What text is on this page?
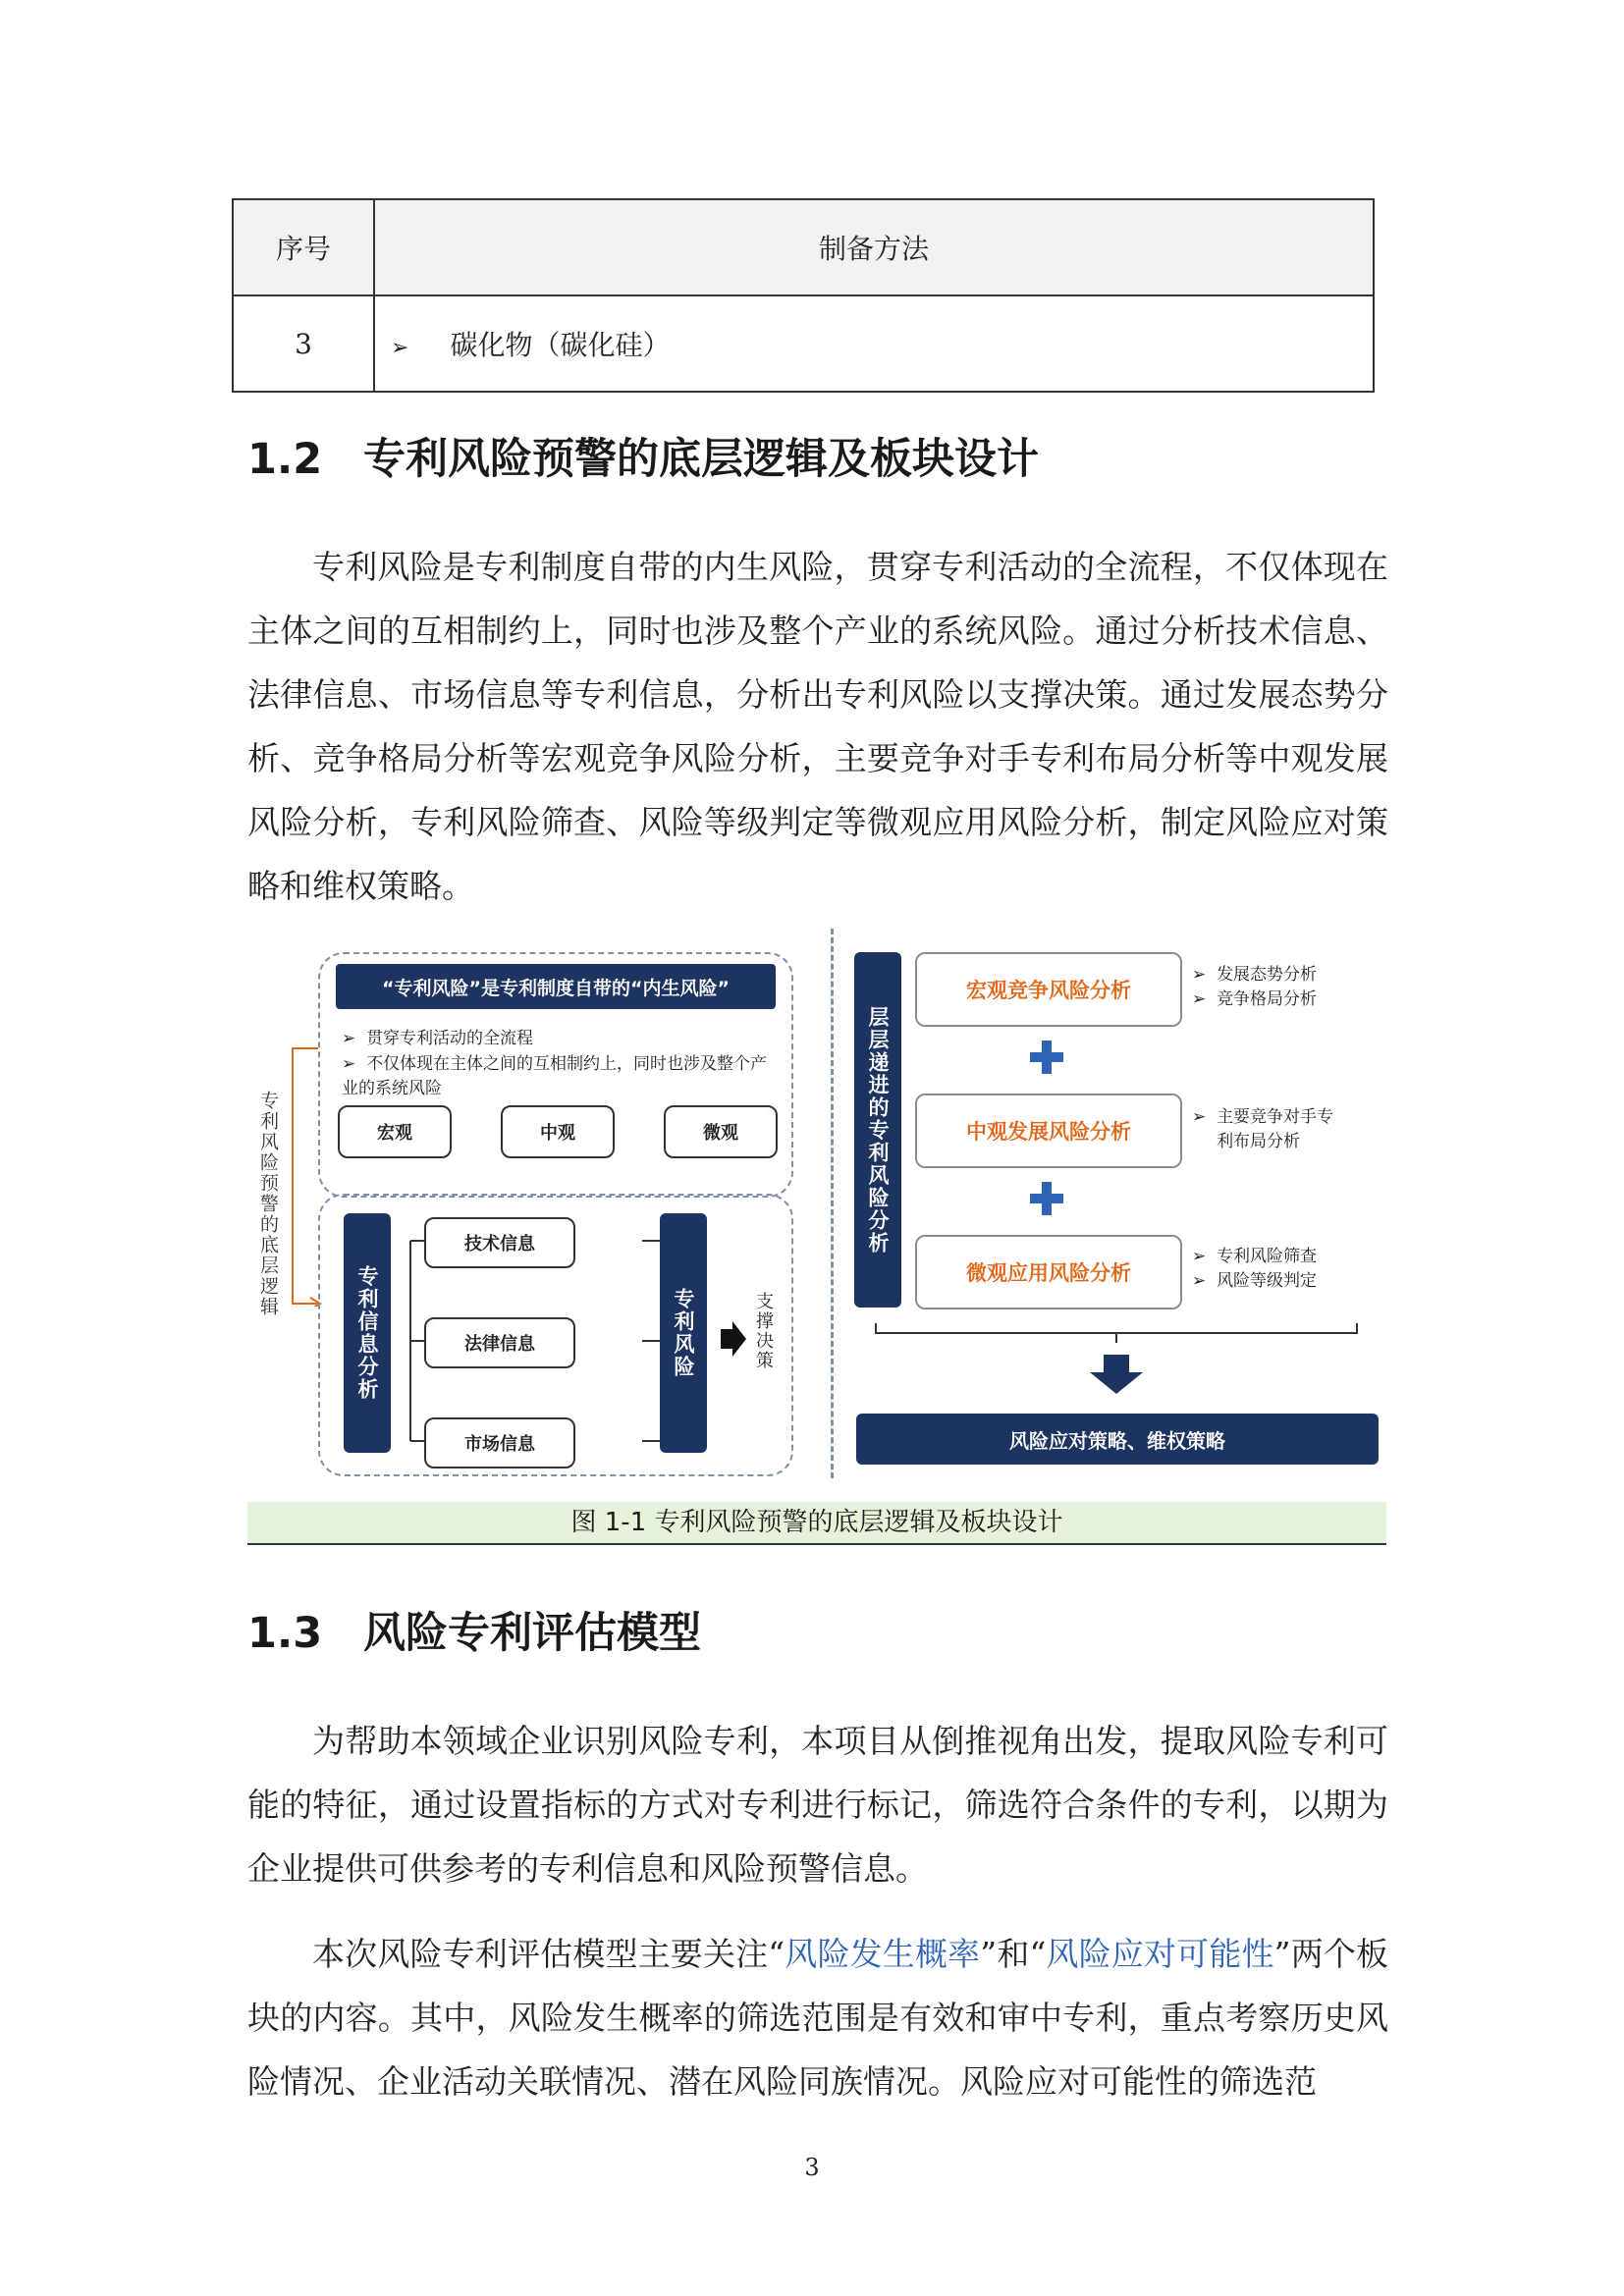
序号	制备方法
3	➢ 碳化物（碳化硅）
1.2 专利风险预警的底层逻辑及板块设计
专利风险是专利制度自带的内生风险，贯穿专利活动的全流程，不仅体现在主体之间的互相制约上，同时也涉及整个产业的系统风险。通过分析技术信息、法律信息、市场信息等专利信息，分析出专利风险以支撑决策。通过发展态势分析、竞争格局分析等宏观竞争风险分析，主要竞争对手专利布局分析等中观发展风险分析，专利风险筛查、风险等级判定等微观应用风险分析，制定风险应对策略和维权策略。
专利风险预警的底层逻辑
“专利风险”是专利制度自带的“内生风险”
➢  贯穿专利活动的全流程
➢  不仅体现在主体之间的互相制约上，同时也涉及整个产业的系统风险
宏观	中观	微观
专利信息分析
技术信息
法律信息
市场信息
专利风险	支撑决策
层层递进的专利风险分析
宏观竞争风险分析
➢  发展态势分析
➢  竞争格局分析
中观发展风险分析
➢  主要竞争对手专利布局分析
微观应用风险分析
➢  专利风险筛查
➢  风险等级判定
风险应对策略、维权策略
图 1-1 专利风险预警的底层逻辑及板块设计
1.3 风险专利评估模型
为帮助本领域企业识别风险专利，本项目从倒推视角出发，提取风险专利可能的特征，通过设置指标的方式对专利进行标记，筛选符合条件的专利，以期为企业提供可供参考的专利信息和风险预警信息。
本次风险专利评估模型主要关注“风险发生概率”和“风险应对可能性”两个板块的内容。其中，风险发生概率的筛选范围是有效和审中专利，重点考察历史风险情况、企业活动关联情况、潜在风险同族情况。风险应对可能性的筛选范
3
